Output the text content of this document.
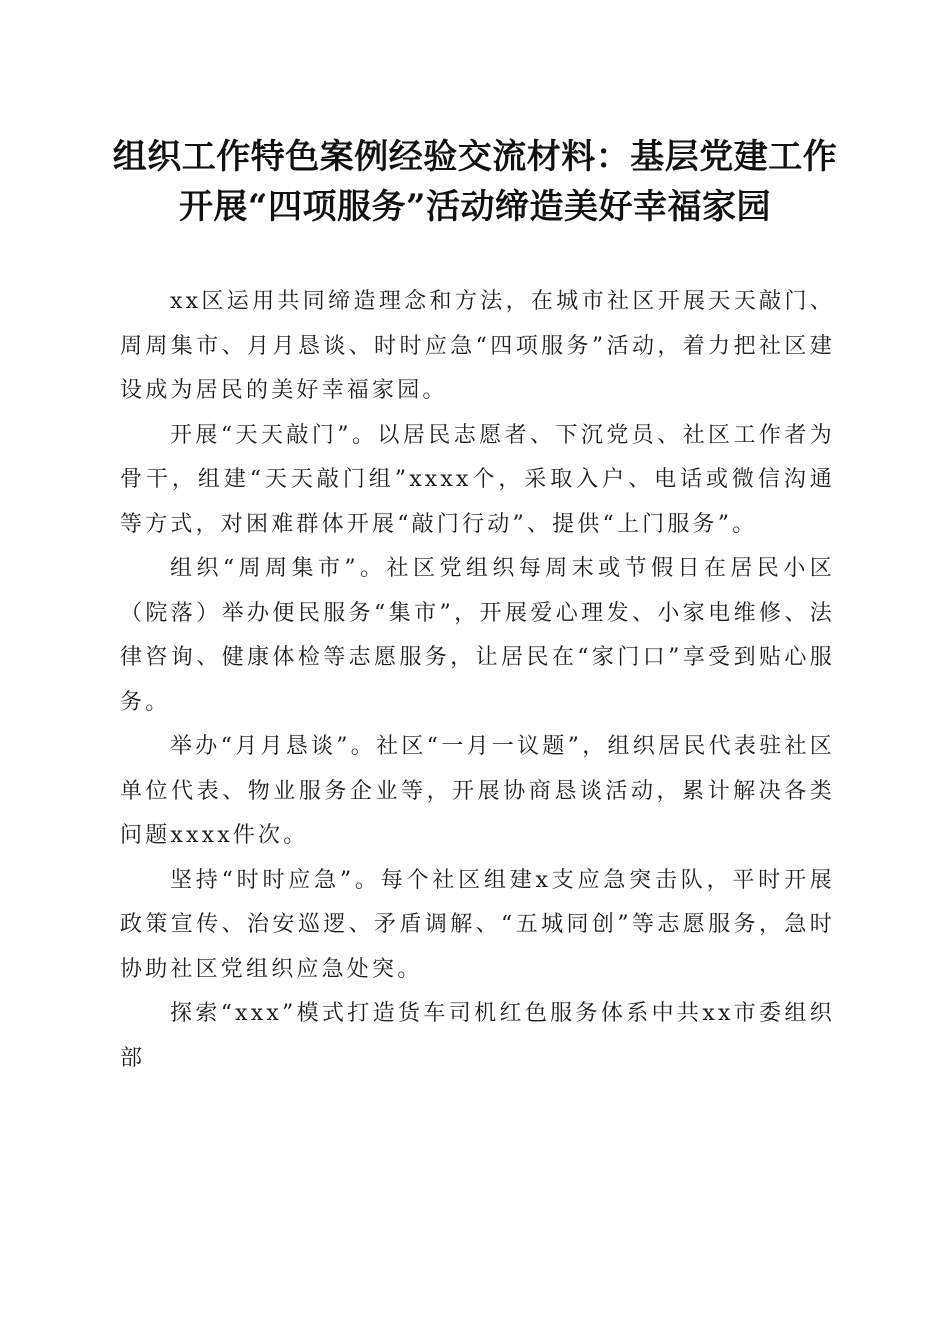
组织工作特色案例经验交流材料：基层党建工作开展“四项服务”活动缔造美好幸福家园

xx区运用共同缔造理念和方法，在城市社区开展天天敲门、周周集市、月月恳谈、时时应急“四项服务”活动，着力把社区建设成为居民的美好幸福家园。

开展“天天敲门”。以居民志愿者、下沉党员、社区工作者为骨干，组建“天天敲门组”xxxx个，采取入户、电话或微信沟通等方式，对困难群体开展“敲门行动”、提供“上门服务”。

组织“周周集市”。社区党组织每周末或节假日在居民小区（院落）举办便民服务“集市”，开展爱心理发、小家电维修、法律咨询、健康体检等志愿服务，让居民在“家门口”享受到贴心服务。

举办“月月恳谈”。社区“一月一议题”，组织居民代表驻社区单位代表、物业服务企业等，开展协商恳谈活动，累计解决各类问题xxxx件次。

坚持“时时应急”。每个社区组建x支应急突击队，平时开展政策宣传、治安巡逻、矛盾调解、“五城同创”等志愿服务，急时协助社区党组织应急处突。

探索“xxx”模式打造货车司机红色服务体系中共xx市委组织部
